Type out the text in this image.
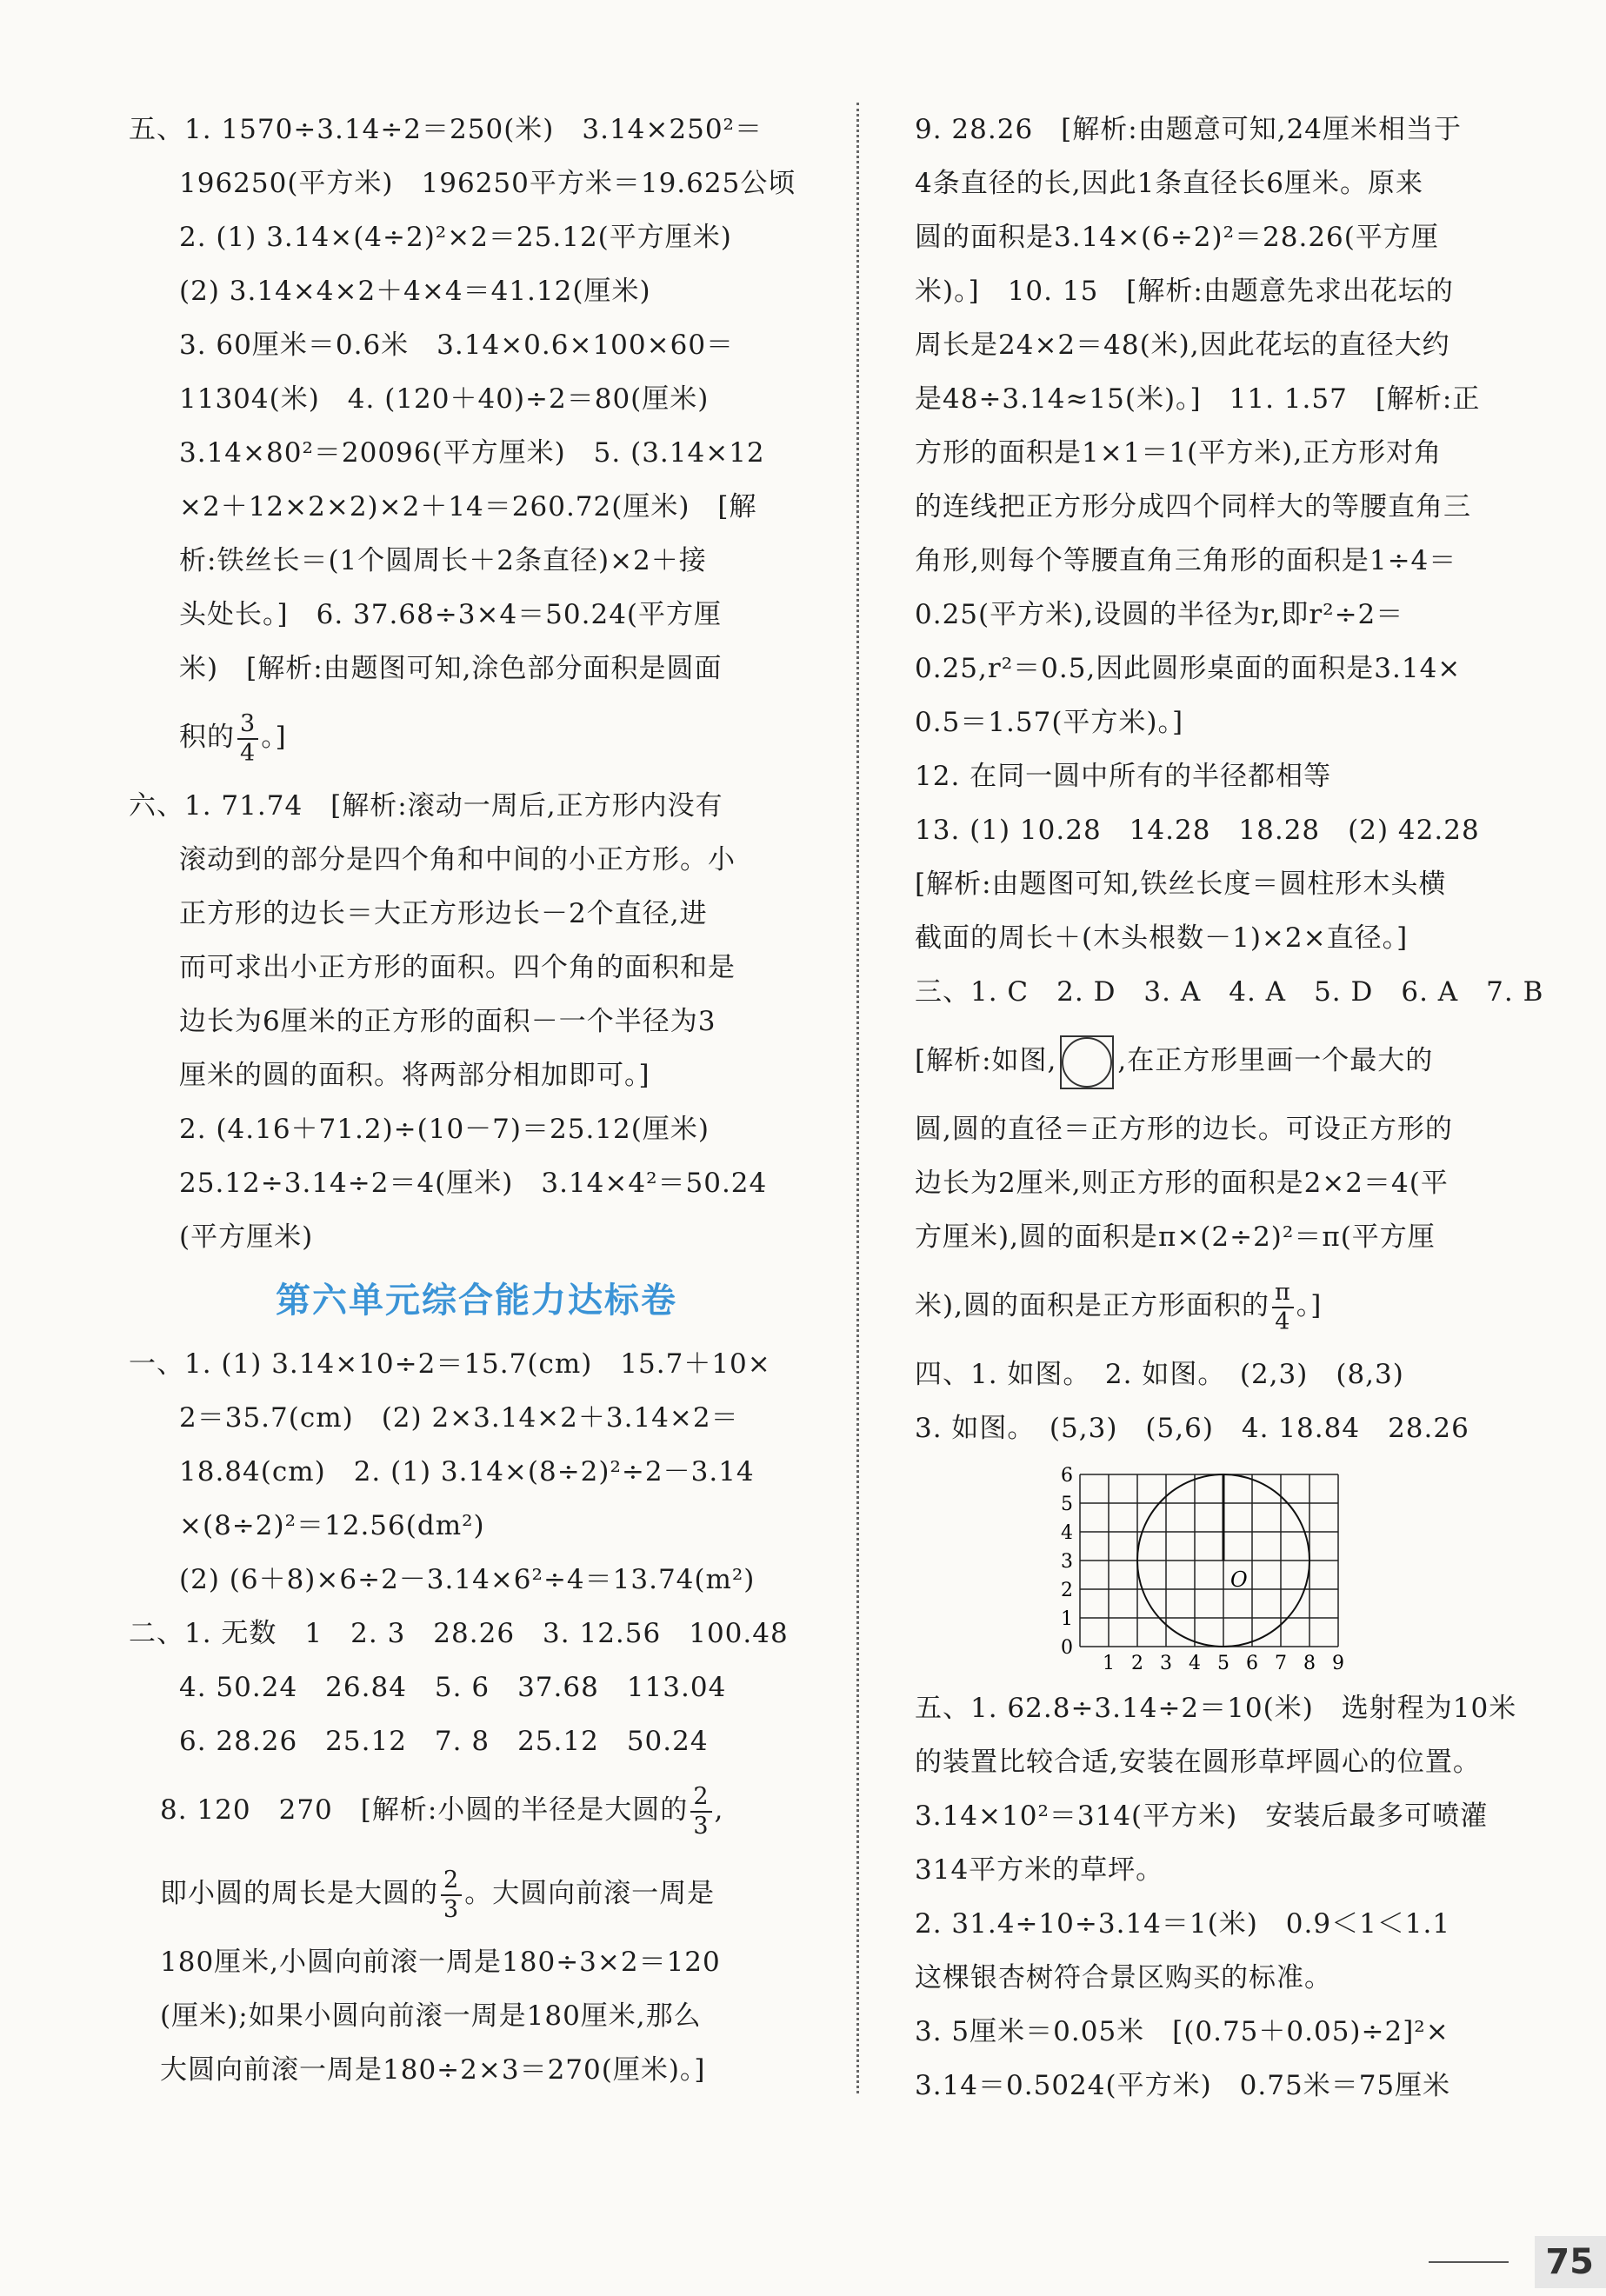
五、1. 1570÷3.14÷2＝250(米)　3.14×250²＝
196250(平方米)　196250平方米＝19.625公顷
2. (1) 3.14×(4÷2)²×2＝25.12(平方厘米)
(2) 3.14×4×2＋4×4＝41.12(厘米)
3. 60厘米＝0.6米　3.14×0.6×100×60＝
11304(米)　4. (120＋40)÷2＝80(厘米)
3.14×80²＝20096(平方厘米)　5. (3.14×12
×2＋12×2×2)×2＋14＝260.72(厘米)　[解
析:铁丝长＝(1个圆周长＋2条直径)×2＋接
头处长。]　6. 37.68÷3×4＝50.24(平方厘
米)　[解析:由题图可知,涂色部分面积是圆面
积的 $\frac{3}{4}$ 。]
六、1. 71.74　[解析:滚动一周后,正方形内没有
滚动到的部分是四个角和中间的小正方形。小
正方形的边长＝大正方形边长－2个直径,进
而可求出小正方形的面积。四个角的面积和是
边长为6厘米的正方形的面积－一个半径为3
厘米的圆的面积。将两部分相加即可。]
2. (4.16＋71.2)÷(10－7)＝25.12(厘米)
25.12÷3.14÷2＝4(厘米)　3.14×4²＝50.24
(平方厘米)
第六单元综合能力达标卷
一、1. (1) 3.14×10÷2＝15.7(cm)　15.7＋10×
2＝35.7(cm)　(2) 2×3.14×2＋3.14×2＝
18.84(cm)　2. (1) 3.14×(8÷2)²÷2－3.14
×(8÷2)²＝12.56(dm²)
(2) (6＋8)×6÷2－3.14×6²÷4＝13.74(m²)
二、1. 无数　1　2. 3　28.26　3. 12.56　100.48
4. 50.24　26.84　5. 6　37.68　113.04
6. 28.26　25.12　7. 8　25.12　50.24
8. 120　270　[解析:小圆的半径是大圆的 $\frac{2}{3}$ ,
即小圆的周长是大圆的 $\frac{2}{3}$ 。大圆向前滚一周是
180厘米,小圆向前滚一周是180÷3×2＝120
(厘米);如果小圆向前滚一周是180厘米,那么
大圆向前滚一周是180÷2×3＝270(厘米)。]
9. 28.26　[解析:由题意可知,24厘米相当于
4条直径的长,因此1条直径长6厘米。原来
圆的面积是3.14×(6÷2)²＝28.26(平方厘
米)。]　10. 15　[解析:由题意先求出花坛的
周长是24×2＝48(米),因此花坛的直径大约
是48÷3.14≈15(米)。]　11. 1.57　[解析:正
方形的面积是1×1＝1(平方米),正方形对角
的连线把正方形分成四个同样大的等腰直角三
角形,则每个等腰直角三角形的面积是1÷4＝
0.25(平方米),设圆的半径为r,即r²÷2＝
0.25,r²＝0.5,因此圆形桌面的面积是3.14×
0.5＝1.57(平方米)。]
12. 在同一圆中所有的半径都相等
13. (1) 10.28　14.28　18.28　(2) 42.28
[解析:由题图可知,铁丝长度＝圆柱形木头横
截面的周长＋(木头根数－1)×2×直径。]
三、1. C　2. D　3. A　4. A　5. D　6. A　7. B
[解析:如图, ,在正方形里画一个最大的
圆,圆的直径＝正方形的边长。可设正方形的
边长为2厘米,则正方形的面积是2×2＝4(平
方厘米),圆的面积是π×(2÷2)²＝π(平方厘
米),圆的面积是正方形面积的 $\frac{\pi}{4}$ 。]
四、1. 如图。　2. 如图。　(2,3)　(8,3)
3. 如图。　(5,3)　(5,6)　4. 18.84　28.26
1 2 3 4 5 6 7 8 9
0
1
2
3
4
5
6
O
五、1. 62.8÷3.14÷2＝10(米)　选射程为10米
的装置比较合适,安装在圆形草坪圆心的位置。
3.14×10²＝314(平方米)　安装后最多可喷灌
314平方米的草坪。
2. 31.4÷10÷3.14＝1(米)　0.9＜1＜1.1
这棵银杏树符合景区购买的标准。
3. 5厘米＝0.05米　[(0.75＋0.05)÷2]²×
3.14＝0.5024(平方米)　0.75米＝75厘米
75
